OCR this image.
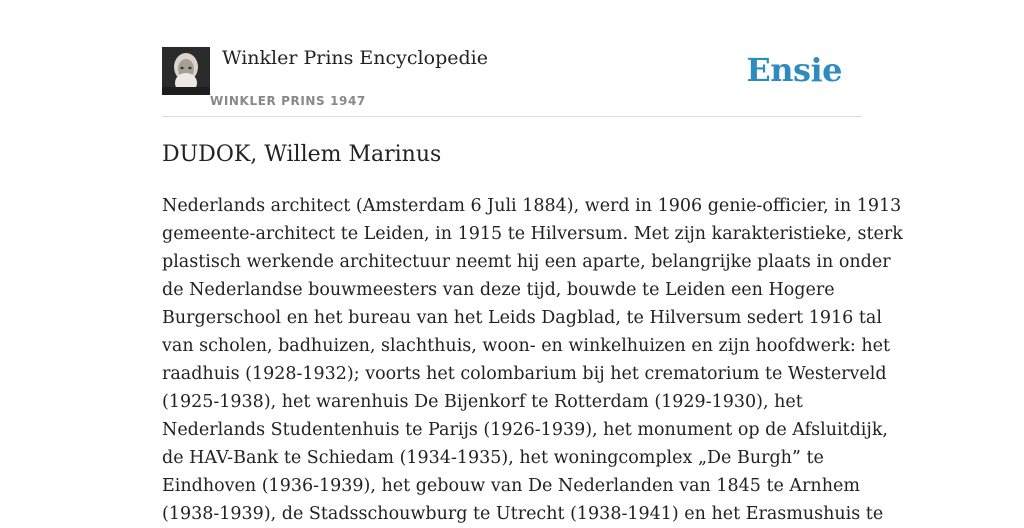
Winkler Prins Encyclopedie
WINKLER PRINS 1947
Ensie
DUDOK, Willem Marinus

Nederlands architect (Amsterdam 6 Juli 1884), werd in 1906 genie-officier, in 1913
gemeente-architect te Leiden, in 1915 te Hilversum. Met zijn karakteristieke, sterk
plastisch werkende architectuur neemt hij een aparte, belangrijke plaats in onder
de Nederlandse bouwmeesters van deze tijd, bouwde te Leiden een Hogere
Burgerschool en het bureau van het Leids Dagblad, te Hilversum sedert 1916 tal
van scholen, badhuizen, slachthuis, woon- en winkelhuizen en zijn hoofdwerk: het
raadhuis (1928-1932); voorts het colombarium bij het crematorium te Westerveld
(1925-1938), het warenhuis De Bijenkorf te Rotterdam (1929-1930), het
Nederlands Studentenhuis te Parijs (1926-1939), het monument op de Afsluitdijk,
de HAV-Bank te Schiedam (1934-1935), het woningcomplex „De Burgh” te
Eindhoven (1936-1939), het gebouw van De Nederlanden van 1845 te Arnhem
(1938-1939), de Stadsschouwburg te Utrecht (1938-1941) en het Erasmushuis te
